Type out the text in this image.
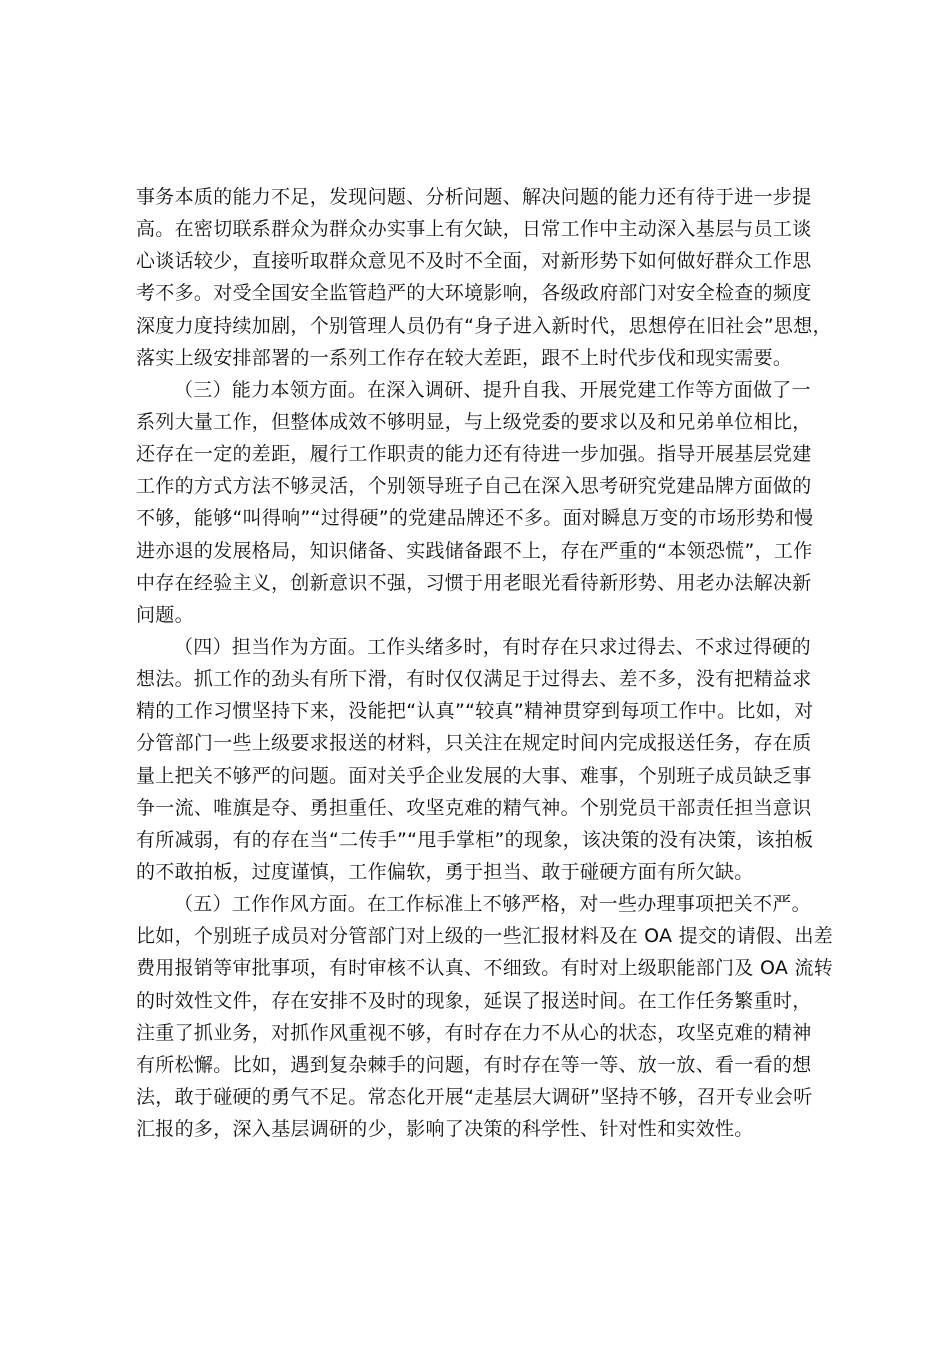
事务本质的能力不足，发现问题、分析问题、解决问题的能力还有待于进一步提
高。在密切联系群众为群众办实事上有欠缺，日常工作中主动深入基层与员工谈
心谈话较少，直接听取群众意见不及时不全面，对新形势下如何做好群众工作思
考不多。对受全国安全监管趋严的大环境影响，各级政府部门对安全检查的频度
深度力度持续加剧，个别管理人员仍有“身子进入新时代，思想停在旧社会”思想，
落实上级安排部署的一系列工作存在较大差距，跟不上时代步伐和现实需要。
（三）能力本领方面。在深入调研、提升自我、开展党建工作等方面做了一
系列大量工作，但整体成效不够明显，与上级党委的要求以及和兄弟单位相比，
还存在一定的差距，履行工作职责的能力还有待进一步加强。指导开展基层党建
工作的方式方法不够灵活，个别领导班子自己在深入思考研究党建品牌方面做的
不够，能够“叫得响”“过得硬”的党建品牌还不多。面对瞬息万变的市场形势和慢
进亦退的发展格局，知识储备、实践储备跟不上，存在严重的“本领恐慌”，工作
中存在经验主义，创新意识不强，习惯于用老眼光看待新形势、用老办法解决新
问题。
（四）担当作为方面。工作头绪多时，有时存在只求过得去、不求过得硬的
想法。抓工作的劲头有所下滑，有时仅仅满足于过得去、差不多，没有把精益求
精的工作习惯坚持下来，没能把“认真”“较真”精神贯穿到每项工作中。比如，对
分管部门一些上级要求报送的材料，只关注在规定时间内完成报送任务，存在质
量上把关不够严的问题。面对关乎企业发展的大事、难事，个别班子成员缺乏事
争一流、唯旗是夺、勇担重任、攻坚克难的精气神。个别党员干部责任担当意识
有所减弱，有的存在当“二传手”“甩手掌柜”的现象，该决策的没有决策，该拍板
的不敢拍板，过度谨慎，工作偏软，勇于担当、敢于碰硬方面有所欠缺。
（五）工作作风方面。在工作标准上不够严格，对一些办理事项把关不严。
比如，个别班子成员对分管部门对上级的一些汇报材料及在 OA 提交的请假、出差
费用报销等审批事项，有时审核不认真、不细致。有时对上级职能部门及 OA 流转
的时效性文件，存在安排不及时的现象，延误了报送时间。在工作任务繁重时，
注重了抓业务，对抓作风重视不够，有时存在力不从心的状态，攻坚克难的精神
有所松懈。比如，遇到复杂棘手的问题，有时存在等一等、放一放、看一看的想
法，敢于碰硬的勇气不足。常态化开展“走基层大调研”坚持不够，召开专业会听
汇报的多，深入基层调研的少，影响了决策的科学性、针对性和实效性。
